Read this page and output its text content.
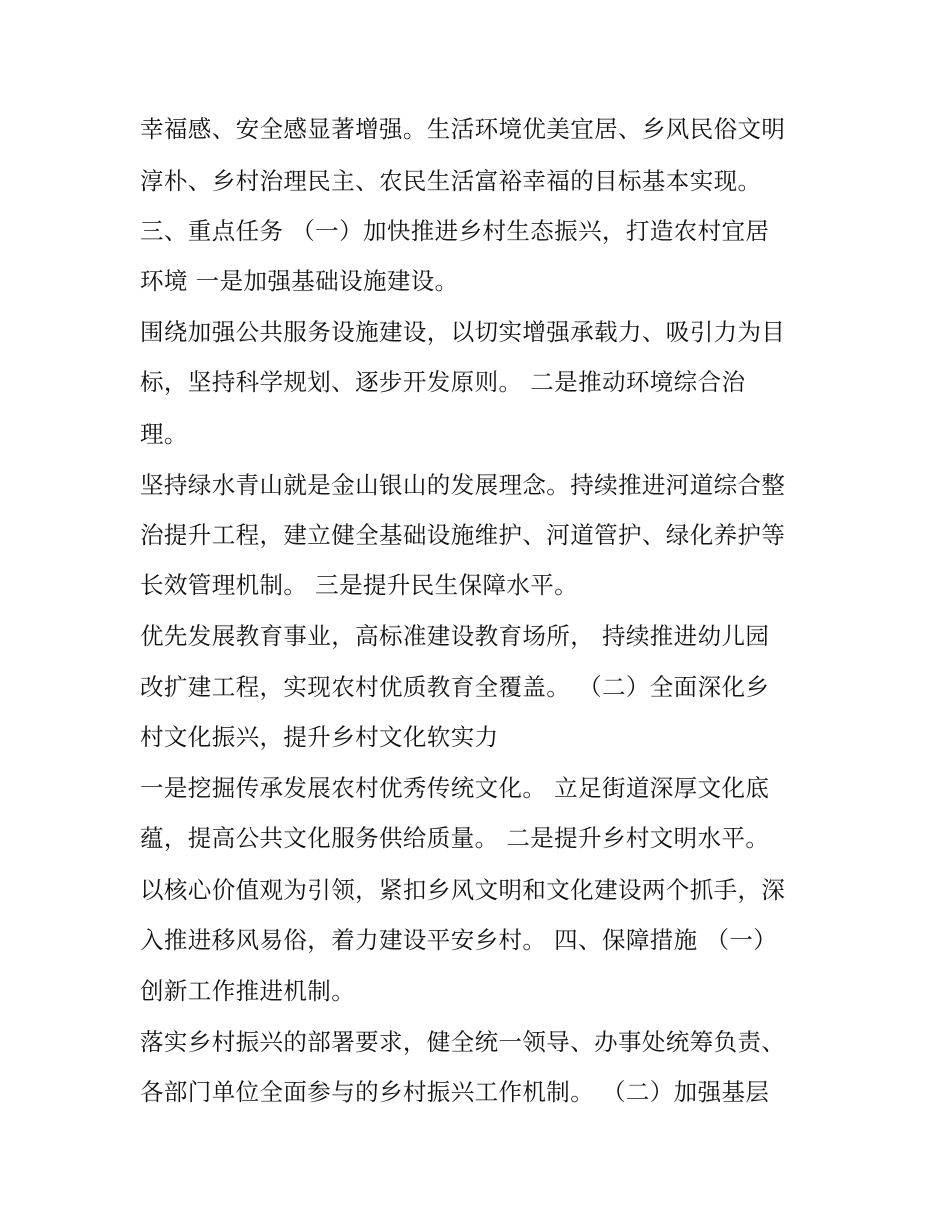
幸福感、安全感显著增强。生活环境优美宜居、乡风民俗文明
淳朴、乡村治理民主、农民生活富裕幸福的目标基本实现。
三、重点任务 （一）加快推进乡村生态振兴，打造农村宜居
环境 一是加强基础设施建设。
围绕加强公共服务设施建设，以切实增强承载力、吸引力为目
标，坚持科学规划、逐步开发原则。 二是推动环境综合治
理。
坚持绿水青山就是金山银山的发展理念。持续推进河道综合整
治提升工程，建立健全基础设施维护、河道管护、绿化养护等
长效管理机制。 三是提升民生保障水平。
优先发展教育事业，高标准建设教育场所， 持续推进幼儿园
改扩建工程，实现农村优质教育全覆盖。 （二）全面深化乡
村文化振兴，提升乡村文化软实力
一是挖掘传承发展农村优秀传统文化。 立足街道深厚文化底
蕴，提高公共文化服务供给质量。 二是提升乡村文明水平。
以核心价值观为引领，紧扣乡风文明和文化建设两个抓手，深
入推进移风易俗，着力建设平安乡村。 四、保障措施 （一）
创新工作推进机制。
落实乡村振兴的部署要求，健全统一领导、办事处统筹负责、
各部门单位全面参与的乡村振兴工作机制。 （二）加强基层
